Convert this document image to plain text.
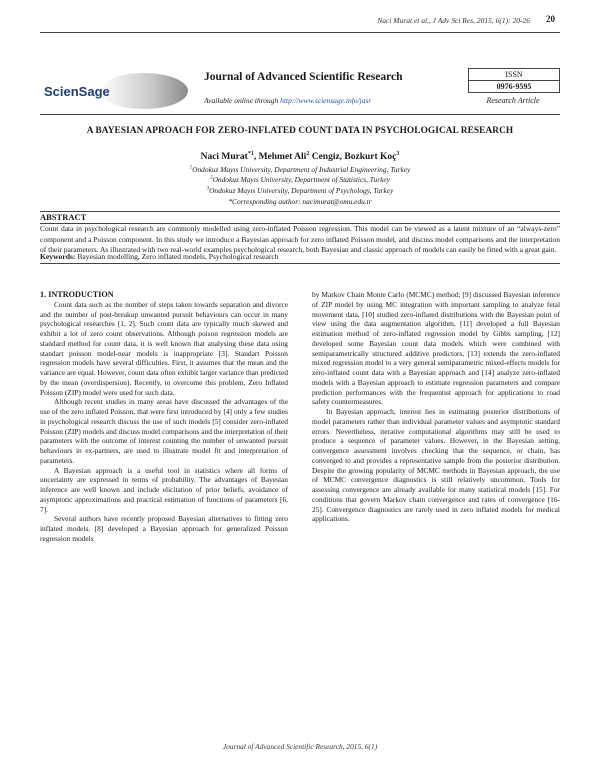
Naci Murat et al., J Adv Sci Res, 2015, 6(1): 20-26 20
ScienSage
Journal of Advanced Scientific Research
Available online through http://www.sciensage.info/jasr
ISSN
0976-9595
Research Article
A BAYESIAN APROACH FOR ZERO-INFLATED COUNT DATA IN PSYCHOLOGICAL RESEARCH
Naci Murat$^{*1}$, Mehmet Ali$^2$ Cengiz, Bozkurt Koç$^3$
$^1$Ondokuz Mayıs University, Department of Industrial Engineering, Turkey
$^2$Ondokuz Mayıs University, Department of Statistics, Turkey
$^3$Ondokuz Mayıs University, Department of Psychology, Turkey
*Corresponding author: nacimurat@omu.edu.tr
ABSTRACT
Count data in psychological research are commonly modelled using zero-inflated Poisson regression. This model can be viewed as a latent mixture of an “always-zero” component and a Poisson component. In this study we introduce a Bayesian approach for zero inflated Poisson model, and discuss model comparisons and the interpretation of their parameters. As illustrated with two real-world examples psychological research, both Bayesian and classic approach of models can easily be fitted with a great gain.
Keywords: Bayesian modelling, Zero inflated models, Psychological research

1. INTRODUCTION

Count data such as the number of steps taken towards separation and divorce and the number of post-breakup unwanted pursuit behaviours can occur in many psychological researches [1, 2]. Such count data are typically much skewed and exhibit a lot of zero count observations. Although poison regression models are standard method for count data, it is well known that analysing these data using standart poisson model-near models is inappropriate [3]. Standart Poisson regression models have several difficulties. First, it assumes that the mean and the variance are equal. However, count data often exhibit larger variance than predicted by the mean (overdispersion). Recently, to overcome this problem, Zero Inflated Poisson (ZIP) model were used for such data.

Although recent studies in many areas have discussed the advantages of the use of the zero inflated Poisson, that were first introduced by [4] only a few studies in psychological research discuss the use of such models [5] consider zero-inflated Poisson (ZIP) models and discuss model comparisons and the interpretation of their parameters with the outcome of interest counting the number of unwanted pursuit behaviours in ex-partners, are used to illustrate model fit and interpretation of parameters.

A Bayesian approach is a useful tool in statistics where all forms of uncertainty are expressed in terms of probability. The advantages of Bayesian inference are well known and include elicitation of prior beliefs, avoidance of asymptotic approximations and practical estimation of functions of parameters [6, 7].

Several authors have recently proposed Bayesian alternatives to fitting zero inflated models. [8] developed a Bayesian approach for generalized Poisson regression models

by Markov Chain Monte Carlo (MCMC) method; [9] discussed Bayesian inference of ZIP model by using MC integration with important sampling to analyze fetal movement data, [10] studied zero-inflated distributions with the Bayesian point of view using the data augmentation algorithm, [11] developed a full Bayesian estimation method of zero-inflated regression model by Gibbs sampling, [12] developed some Bayesian count data models which were combined with semiparametrically structured additive predictors, [13] extends the zero-inflated mixed regression model to a very general semiparametric mixed-effects models for zero-inflated count data with a Bayesian approach and [14] analyze zero-inflated models with a Bayesian approach to estimate regression parameters and compare prediction performances with the frequentist approach for applications to road safety countermeasures.

In Bayesian approach, interest lies in estimating posterior distributions of model parameters rather than individual parameter values and asymptotic standard errors. Nevertheless, iterative computational algorithms may still be used to produce a sequence of parameter values. However, in the Bayesian setting, convergence assessment involves checking that the sequence, or chain, has converged to and provides a representative sample from the posterior distribution. Despite the growing popularity of MCMC methods in Bayesian approach, the use of MCMC convergence diagnostics is still relatively uncommon. Tools for assessing convergence are already available for many statistical models [15]. For conditions that govern Markov chain convergence and rates of convergence [16-25]. Convergence diagnostics are rarely used in zero inflated models for medical applications.

Journal of Advanced Scientific Research, 2015, 6(1)
